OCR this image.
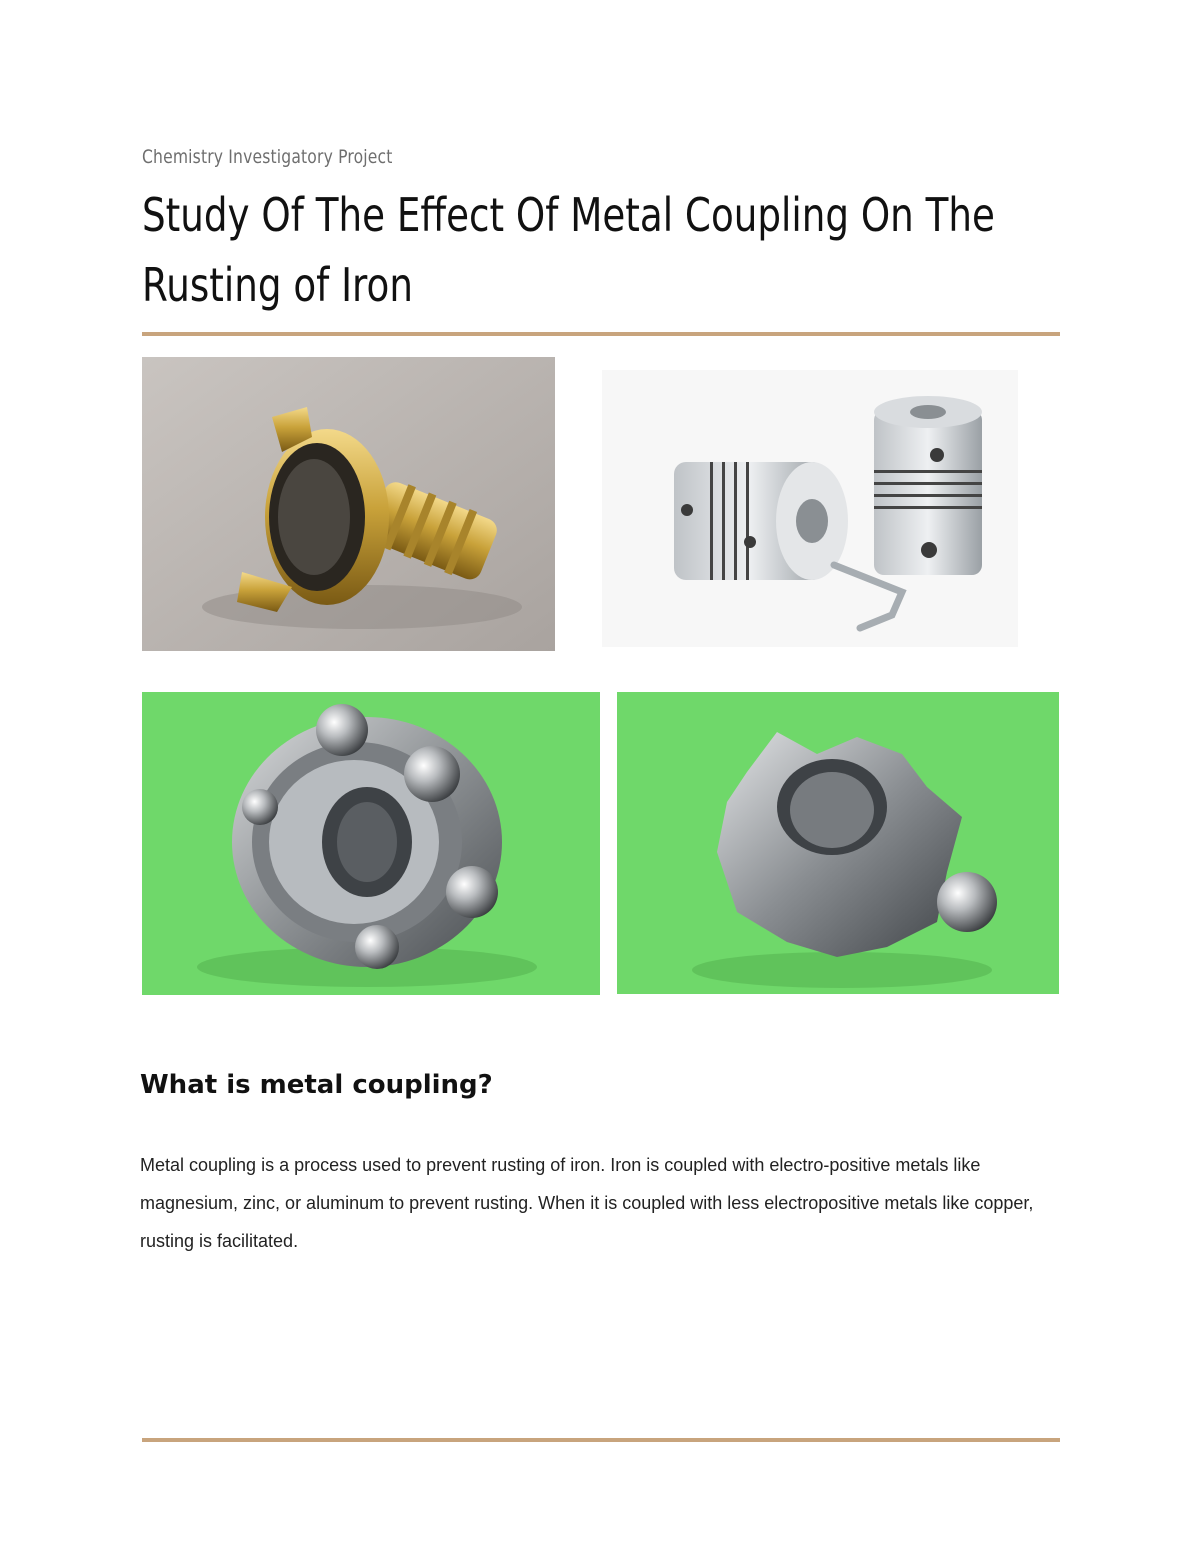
Chemistry Investigatory Project
Study Of The Effect Of Metal Coupling On The Rusting of Iron
What is metal coupling?
Metal coupling is a process used to prevent rusting of iron. Iron is coupled with electro-positive metals like magnesium, zinc, or aluminum to prevent rusting. When it is coupled with less electropositive metals like copper, rusting is facilitated.
